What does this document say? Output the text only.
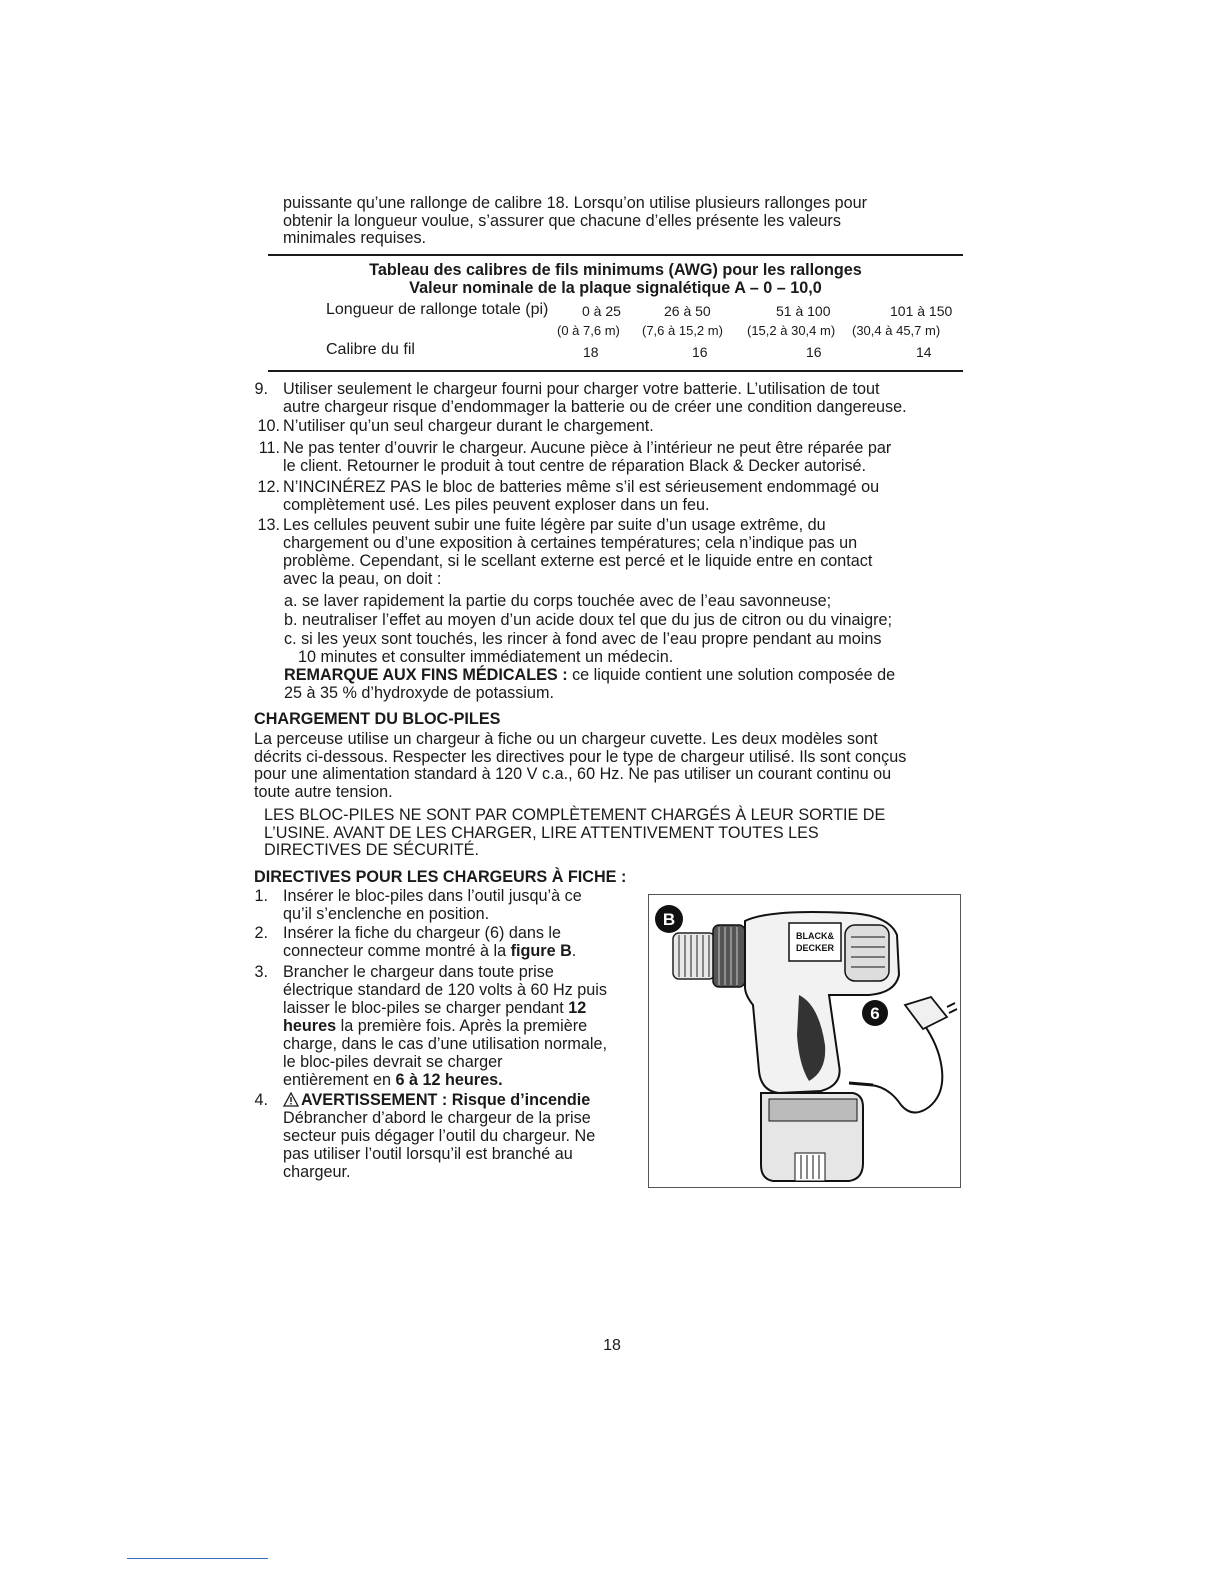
puissante qu’une rallonge de calibre 18. Lorsqu’on utilise plusieurs rallonges pour
obtenir la longueur voulue, s’assurer que chacune d’elles présente les valeurs
minimales requises.
Tableau des calibres de fils minimums (AWG) pour les rallonges
Valeur nominale de la plaque signalétique A – 0 – 10,0
Longueur de rallonge totale (pi) 0 à 25	26 à 50	51 à 100	101 à 150
(0 à 7,6 m) (7,6 à 15,2 m) (15,2 à 30,4 m) (30,4 à 45,7 m)
Calibre du fil	18	16	16	14
9. Utiliser seulement le chargeur fourni pour charger votre batterie. L’utilisation de tout
autre chargeur risque d’endommager la batterie ou de créer une condition dangereuse.
10. N’utiliser qu’un seul chargeur durant le chargement.
11. Ne pas tenter d’ouvrir le chargeur. Aucune pièce à l’intérieur ne peut être réparée par
le client. Retourner le produit à tout centre de réparation Black & Decker autorisé.
12. N’INCINÉREZ PAS le bloc de batteries même s’il est sérieusement endommagé ou
complètement usé. Les piles peuvent exploser dans un feu.
13. Les cellules peuvent subir une fuite légère par suite d’un usage extrême, du
chargement ou d’une exposition à certaines températures; cela n’indique pas un
problème. Cependant, si le scellant externe est percé et le liquide entre en contact
avec la peau, on doit :
a. se laver rapidement la partie du corps touchée avec de l’eau savonneuse;
b. neutraliser l’effet au moyen d’un acide doux tel que du jus de citron ou du vinaigre;
c. si les yeux sont touchés, les rincer à fond avec de l’eau propre pendant au moins
10 minutes et consulter immédiatement un médecin.
REMARQUE AUX FINS MÉDICALES : ce liquide contient une solution composée de
25 à 35 % d’hydroxyde de potassium.
CHARGEMENT DU BLOC-PILES
La perceuse utilise un chargeur à fiche ou un chargeur cuvette. Les deux modèles sont
décrits ci-dessous. Respecter les directives pour le type de chargeur utilisé. Ils sont conçus
pour une alimentation standard à 120 V c.a., 60 Hz. Ne pas utiliser un courant continu ou
toute autre tension.
LES BLOC-PILES NE SONT PAR COMPLÈTEMENT CHARGÉS À LEUR SORTIE DE
L’USINE. AVANT DE LES CHARGER, LIRE ATTENTIVEMENT TOUTES LES
DIRECTIVES DE SÉCURITÉ.
DIRECTIVES POUR LES CHARGEURS À FICHE :
1. Insérer le bloc-piles dans l’outil jusqu’à ce
qu’il s’enclenche en position.
2. Insérer la fiche du chargeur (6) dans le
connecteur comme montré à la figure B.
3. Brancher le chargeur dans toute prise
électrique standard de 120 volts à 60 Hz puis
laisser le bloc-piles se charger pendant 12
heures la première fois. Après la première
charge, dans le cas d’une utilisation normale,
le bloc-piles devrait se charger
entièrement en 6 à 12 heures.
4. AVERTISSEMENT : Risque d’incendie
Débrancher d’abord le chargeur de la prise
secteur puis dégager l’outil du chargeur. Ne
pas utiliser l’outil lorsqu’il est branché au
chargeur.
B
BLACK&
DECKER
6
18
